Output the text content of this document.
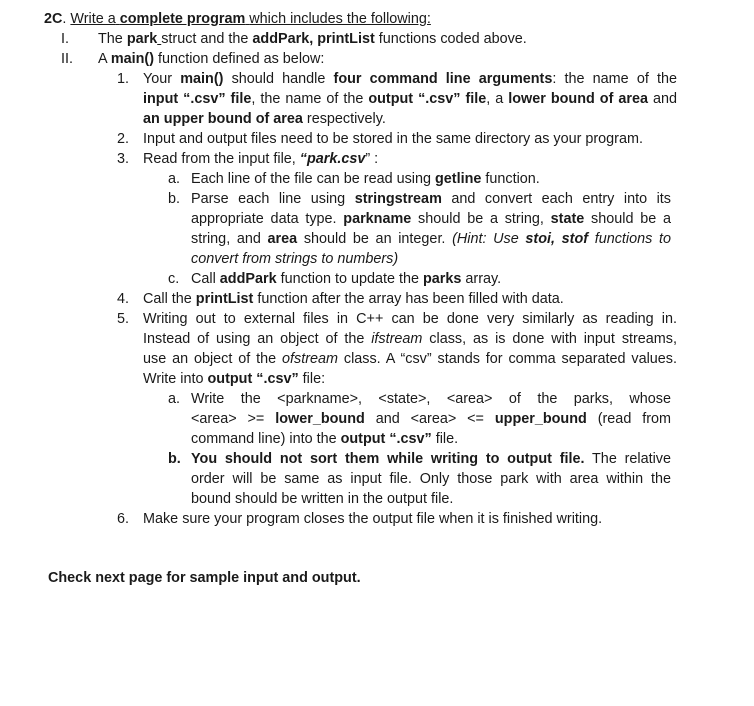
2C. Write a complete program which includes the following:
I. The park struct and the addPark, printList functions coded above.
II. A main() function defined as below:
1. Your main() should handle four command line arguments: the name of the
input “.csv” file, the name of the output “.csv” file, a lower bound of area and
an upper bound of area respectively.
2. Input and output files need to be stored in the same directory as your program.
3. Read from the input file, “park.csv” :
a. Each line of the file can be read using getline function.
b. Parse each line using stringstream and convert each entry into its
appropriate data type. parkname should be a string, state should be a
string, and area should be an integer. (Hint: Use stoi, stof functions to
convert from strings to numbers)
c. Call addPark function to update the parks array.
4. Call the printList function after the array has been filled with data.
5. Writing out to external files in C++ can be done very similarly as reading in.
Instead of using an object of the ifstream class, as is done with input streams,
use an object of the ofstream class. A “csv” stands for comma separated values.
Write into output “.csv” file:
a. Write the <parkname>, <state>, <area> of the parks, whose
<area> >= lower_bound and <area> <= upper_bound (read from
command line) into the output “.csv” file.
b. You should not sort them while writing to output file. The relative
order will be same as input file. Only those park with area within the
bound should be written in the output file.
6. Make sure your program closes the output file when it is finished writing.
Check next page for sample input and output.
